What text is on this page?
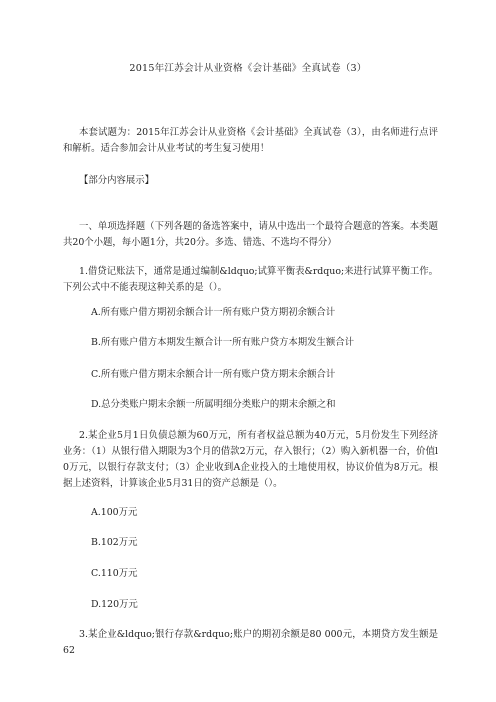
2015年江苏会计从业资格《会计基础》全真试卷（3）

本套试题为：2015年江苏会计从业资格《会计基础》全真试卷（3），由名师进行点评和解析。适合参加会计从业考试的考生复习使用！

【部分内容展示】

一、单项选择题（下列各题的备选答案中，请从中选出一个最符合题意的答案。本类题共20个小题，每小题1分，共20分。多选、错选、不选均不得分）

1.借贷记账法下，通常是通过编制&ldquo;试算平衡表&rdquo;来进行试算平衡工作。下列公式中不能表现这种关系的是（）。

A.所有账户借方期初余额合计一所有账户贷方期初余额合计

B.所有账户借方本期发生额合计一所有账户贷方本期发生额合计

C.所有账户借方期末余额合计一所有账户贷方期末余额合计

D.总分类账户期末余额一所属明细分类账户的期末余额之和

2.某企业5月1日负债总额为60万元，所有者权益总额为40万元，5月份发生下列经济业务：（1）从银行借入期限为3个月的借款2万元，存入银行；（2）购入新机器一台，价值l0万元，以银行存款支付；（3）企业收到A企业投入的土地使用权，协议价值为8万元。根据上述资料，计算该企业5月31日的资产总额是（）。

A.100万元

B.102万元

C.110万元

D.120万元

3.某企业&ldquo;银行存款&rdquo;账户的期初余额是80 000元，本期贷方发生额是62
